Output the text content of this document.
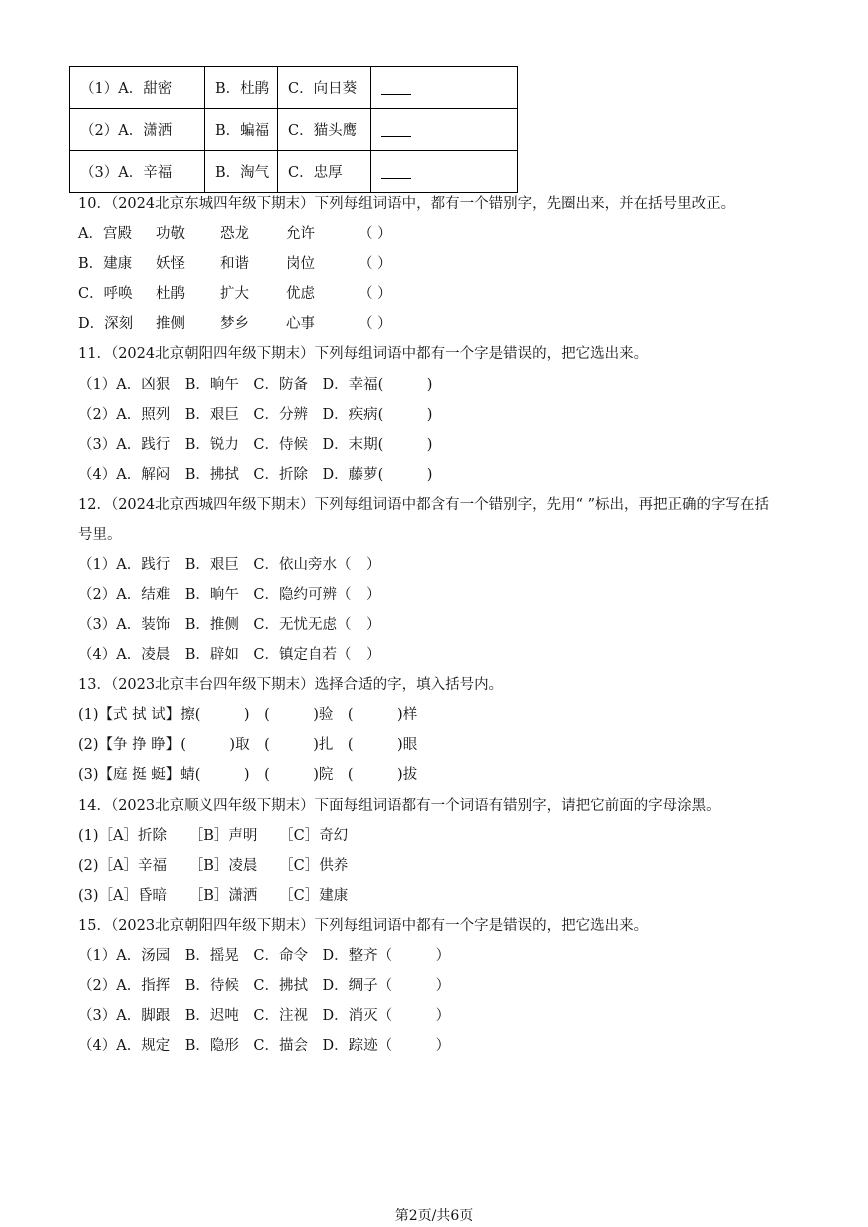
（1）A．甜密	B．杜鹃	C．向日葵	
（2）A．潇洒	B．蝙福	C．猫头鹰	
（3）A．辛福	B．淘气	C．忠厚	
10．（2024北京东城四年级下期末）下列每组词语中，都有一个错别字，先圈出来，并在括号里改正。
A．宫殿 功敬 恐龙	允许	（ ）
B．建康 妖怪 和谐	岗位	（ ）
C．呼唤 杜鹃 扩大	优虑	（ ）
D．深刻 推侧 梦乡	心事	（ ）
11．（2024北京朝阳四年级下期末）下列每组词语中都有一个字是错误的，把它选出来。
（1）A．凶狠　B．晌午　C．防备　D．幸福(　　　)
（2）A．照列　B．艰巨　C．分辨　D．疾病(　　　)
（3）A．践行　B．锐力　C．侍候　D．末期(　　　)
（4）A．解闷　B．拂拭　C．折除　D．藤萝(　　　)
12．（2024北京西城四年级下期末）下列每组词语中都含有一个错别字，先用“ ”标出，再把正确的字写在括
号里。
（1）A．践行　B．艰巨　C．依山旁水（　）
（2）A．结难　B．晌午　C．隐约可辨（　）
（3）A．装饰　B．推侧　C．无忧无虑（　）
（4）A．凌晨　B．辟如　C．镇定自若（　）
13．（2023北京丰台四年级下期末）选择合适的字，填入括号内。
(1)【式 拭 试】擦(　　　)　(　　　)验　(　　　)样
(2)【争 挣 睁】(　　　)取　(　　　)扎　(　　　)眼
(3)【庭 挺 蜓】蜻(　　　)　(　　　)院　(　　　)拔
14．（2023北京顺义四年级下期末）下面每组词语都有一个词语有错别字，请把它前面的字母涂黑。
(1)［A］折除　　［B］声明　　［C］奇幻
(2)［A］辛福　　［B］凌晨　　［C］供养
(3)［A］昏暗　　［B］潇洒　　［C］建康
15．（2023北京朝阳四年级下期末）下列每组词语中都有一个字是错误的，把它选出来。
（1）A．汤园　B．摇晃　C．命令　D．整齐（　　　）
（2）A．指挥　B．待候　C．拂拭　D．绸子（　　　）
（3）A．脚跟　B．迟吨　C．注视　D．消灭（　　　）
（4）A．规定　B．隐形　C．描会　D．踪迹（　　　）
第2页/共6页
